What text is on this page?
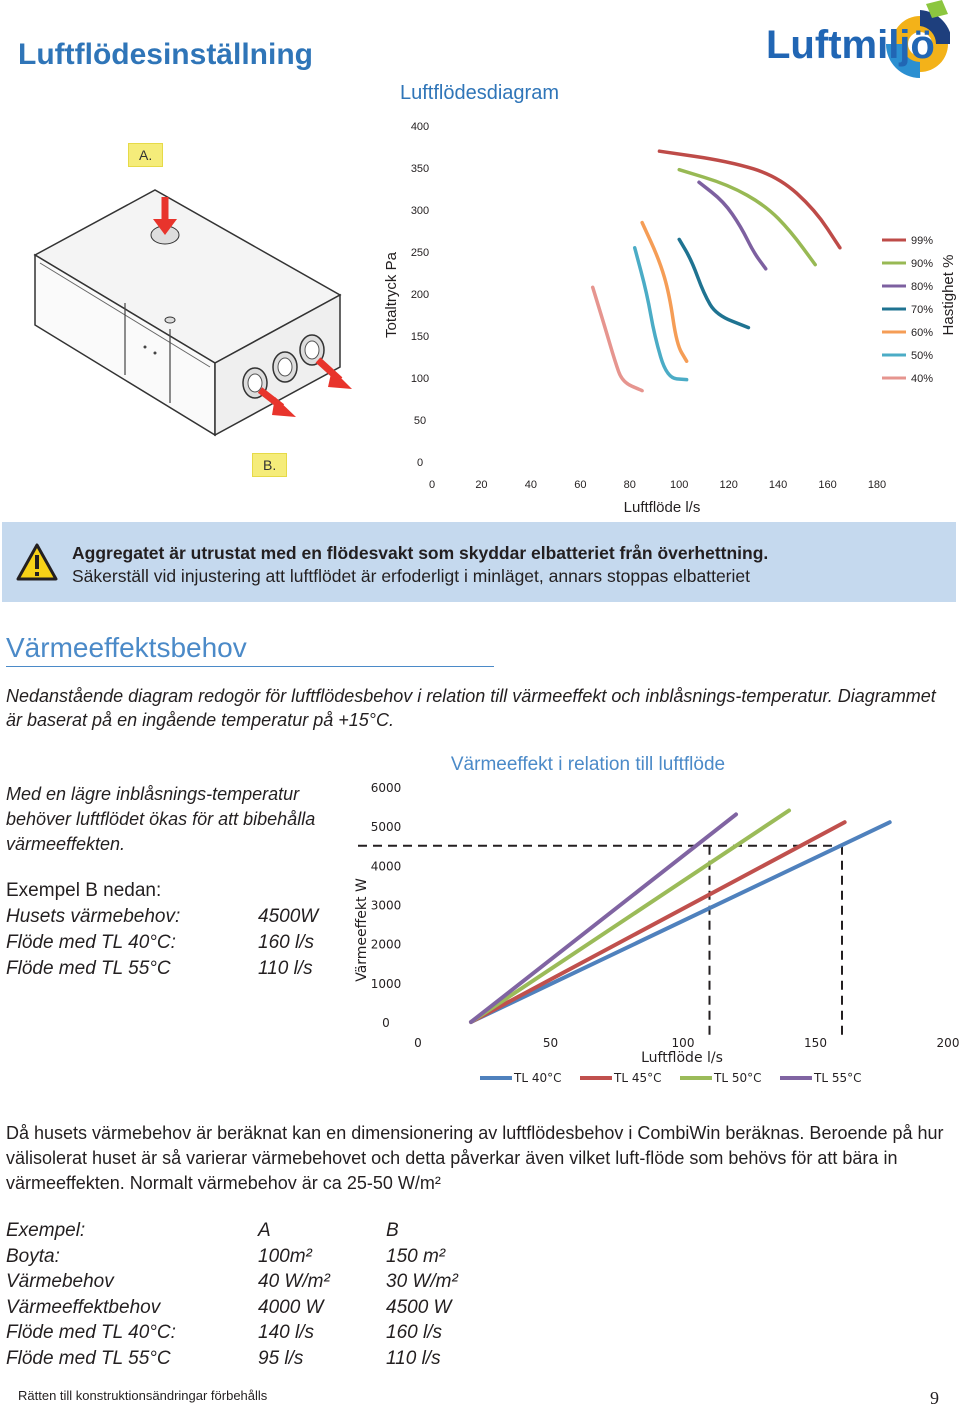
Luftflödesinställning	Luftmiljö
Luftflödesdiagram
A.
B.
Totaltryck Pa	Hastighet %
Luftflöde l/s
0
50
100
150
200
250
300
350
400
0	20	40	60	80	100	120	140	160	180
99%
90%
80%
70%
60%
50%
40%
Aggregatet är utrustat med en flödesvakt som skyddar elbatteriet från överhettning.
Säkerställ vid injustering att luftflödet är erfoderligt i minläget, annars stoppas elbatteriet
Värmeeffektsbehov
Nedanstående diagram redogör för luftflödesbehov i relation till värmeeffekt och inblåsnings-temperatur. Diagrammet är baserat på en ingående temperatur på +15°C.
Med en lägre inblåsnings-temperatur behöver luftflödet ökas för att bibehålla värmeeffekten.
Exempel B nedan:
Husets värmebehov:	4500W
Flöde med TL 40°C:	160 l/s
Flöde med TL 55°C	110 l/s
Värmeeffekt i relation till luftflöde
Värmeeffekt W
Luftflöde l/s
0
1000
2000
3000
4000
5000
6000
0	50	100	150	200
TL 40°C	TL 45°C	TL 50°C	TL 55°C
Då husets värmebehov är beräknat kan en dimensionering av luftflödesbehov i CombiWin beräknas. Beroende på hur välisolerat huset är så varierar värmebehovet och detta påverkar även vilket luft-flöde som behövs för att bära in värmeeffekten. Normalt värmebehov är ca 25-50 W/m²
Exempel:	A	B
Boyta:	100m²	150 m²
Värmebehov	40 W/m²	30 W/m²
Värmeeffektbehov	4000 W	4500 W
Flöde med TL 40°C:	140 l/s	160 l/s
Flöde med TL 55°C	95 l/s	110 l/s
Rätten till konstruktionsändringar förbehålls	9
